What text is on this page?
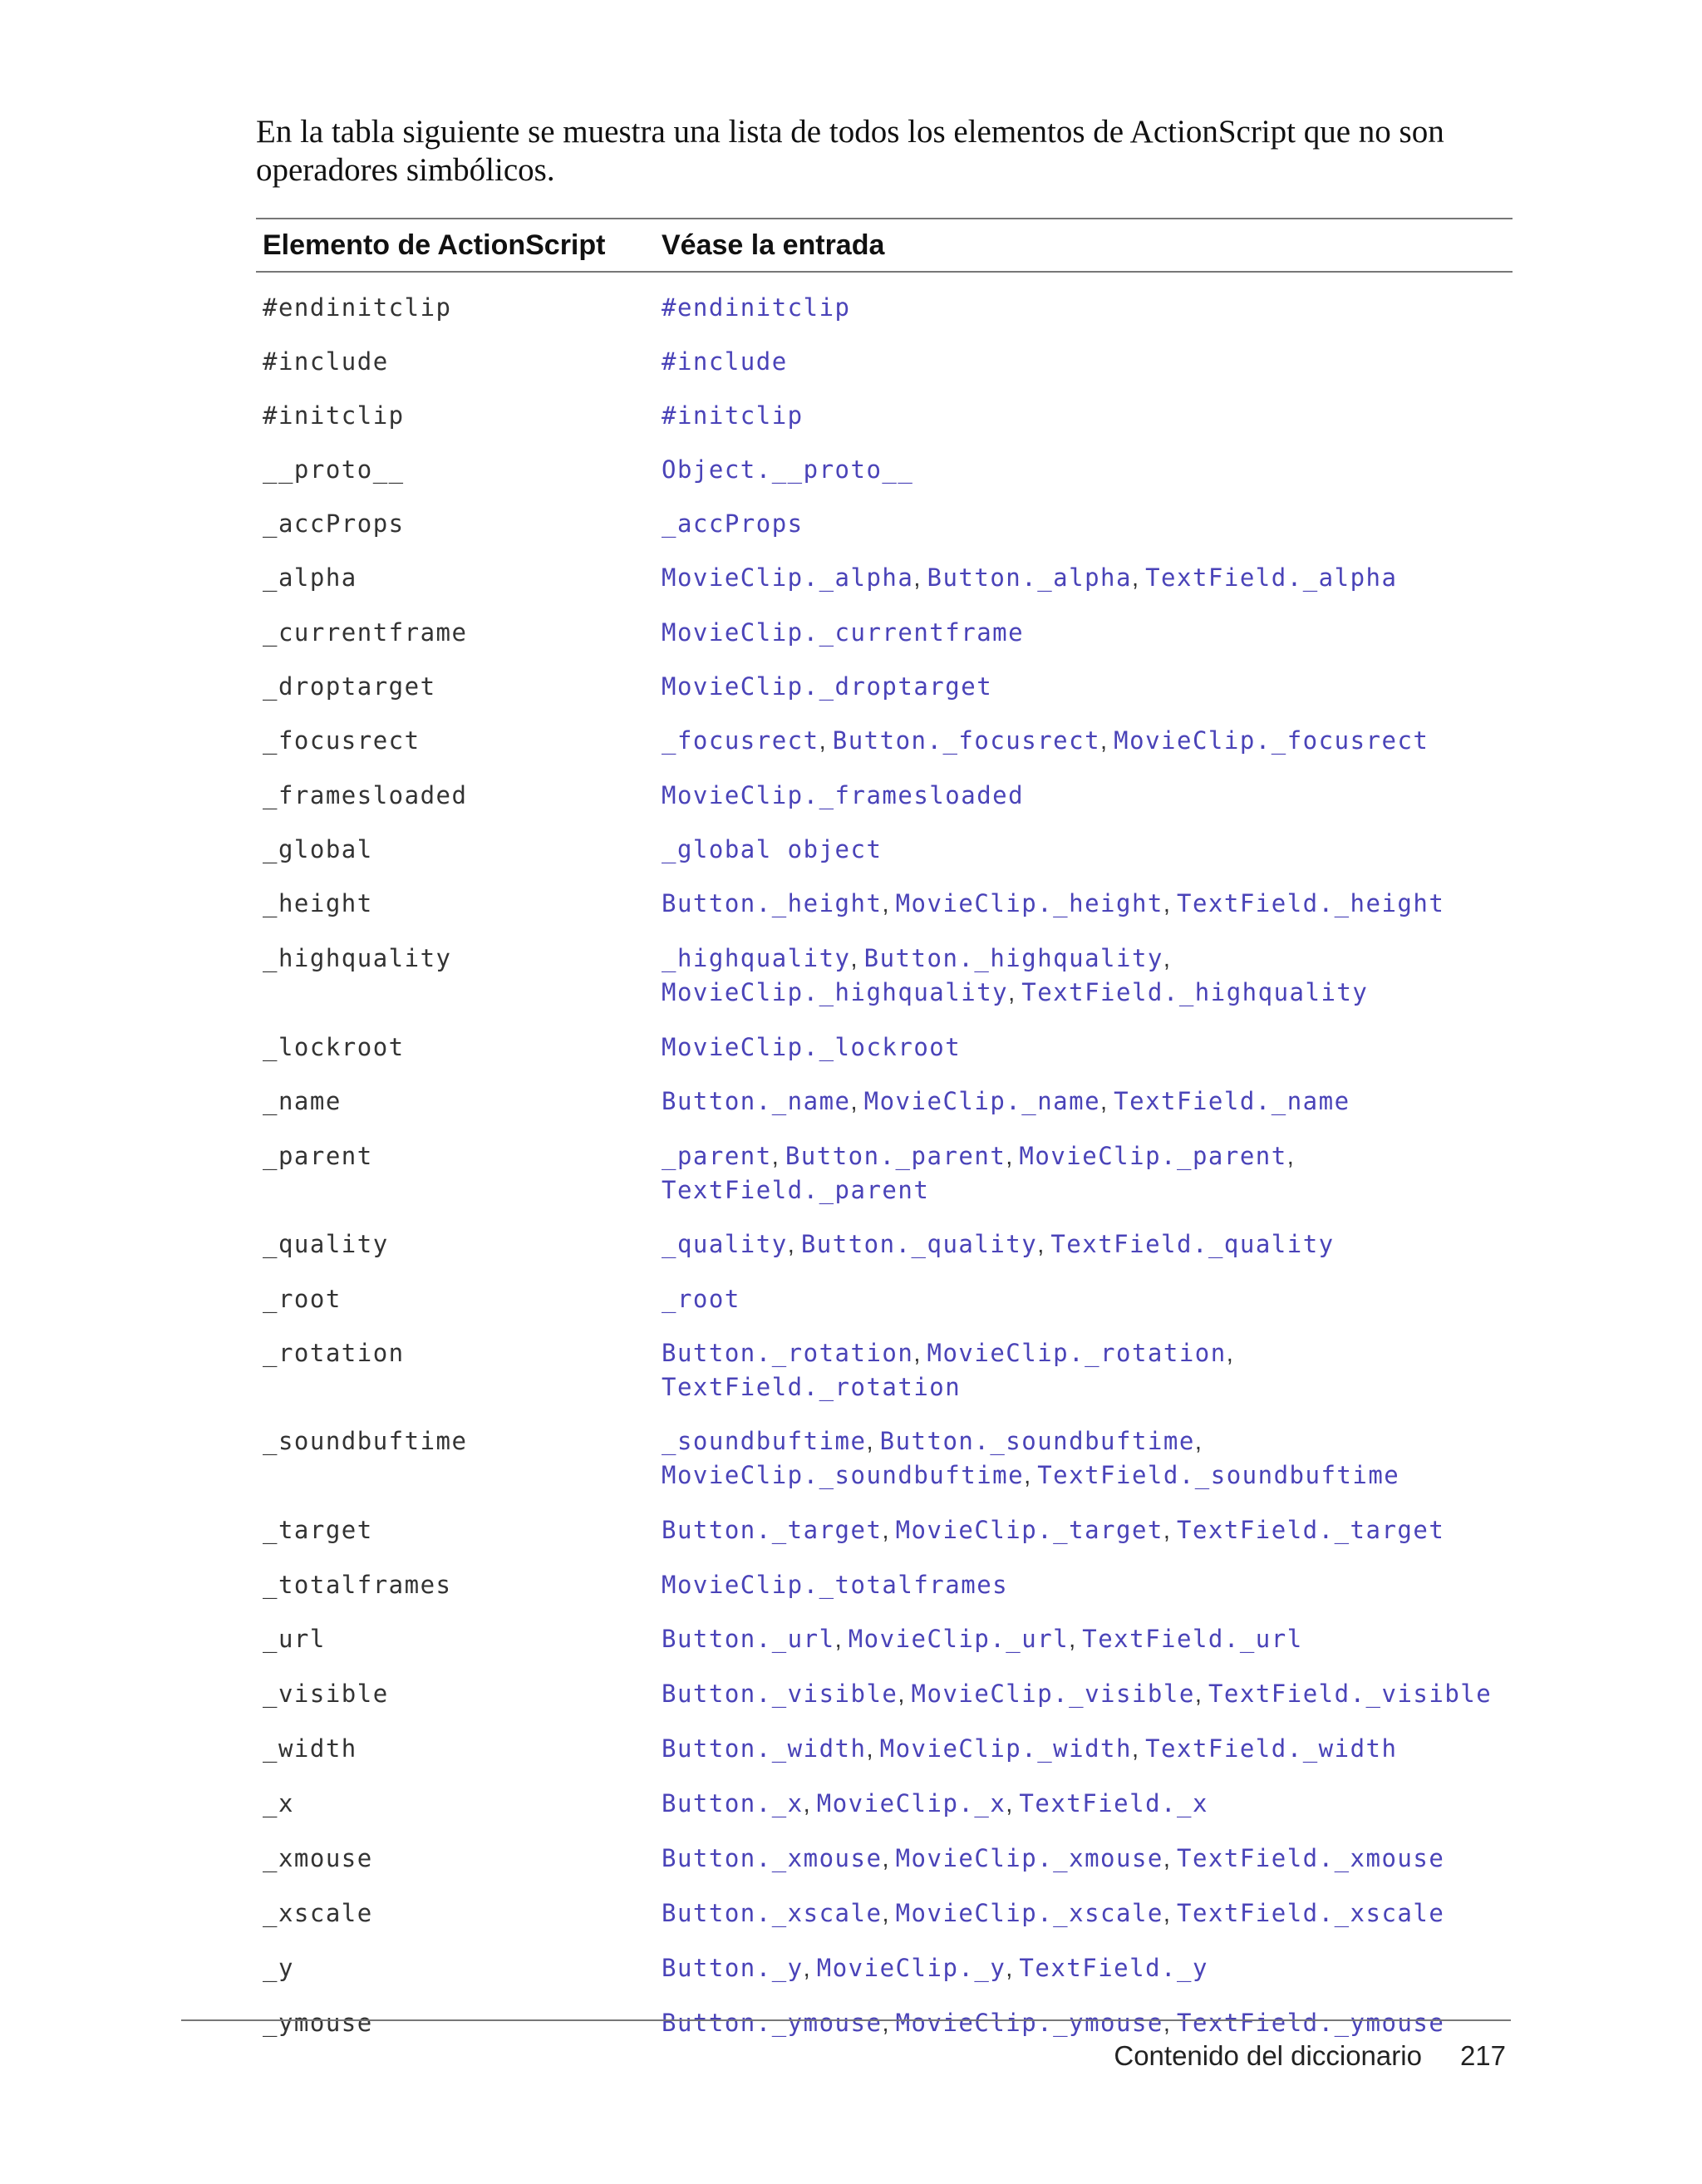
En la tabla siguiente se muestra una lista de todos los elementos de ActionScript que no son operadores simbólicos.

Elemento de ActionScript	Véase la entrada
#endinitclip	#endinitclip
#include	#include
#initclip	#initclip
__proto__	Object.__proto__
_accProps	_accProps
_alpha	MovieClip._alpha, Button._alpha, TextField._alpha
_currentframe	MovieClip._currentframe
_droptarget	MovieClip._droptarget
_focusrect	_focusrect, Button._focusrect, MovieClip._focusrect
_framesloaded	MovieClip._framesloaded
_global	_global object
_height	Button._height, MovieClip._height, TextField._height
_highquality	_highquality, Button._highquality, MovieClip._highquality, TextField._highquality
_lockroot	MovieClip._lockroot
_name	Button._name, MovieClip._name, TextField._name
_parent	_parent, Button._parent, MovieClip._parent, TextField._parent
_quality	_quality, Button._quality, TextField._quality
_root	_root
_rotation	Button._rotation, MovieClip._rotation, TextField._rotation
_soundbuftime	_soundbuftime, Button._soundbuftime, MovieClip._soundbuftime, TextField._soundbuftime
_target	Button._target, MovieClip._target, TextField._target
_totalframes	MovieClip._totalframes
_url	Button._url, MovieClip._url, TextField._url
_visible	Button._visible, MovieClip._visible, TextField._visible
_width	Button._width, MovieClip._width, TextField._width
_x	Button._x, MovieClip._x, TextField._x
_xmouse	Button._xmouse, MovieClip._xmouse, TextField._xmouse
_xscale	Button._xscale, MovieClip._xscale, TextField._xscale
_y	Button._y, MovieClip._y, TextField._y
_ymouse	Button._ymouse, MovieClip._ymouse, TextField._ymouse
Contenido del diccionario 217
